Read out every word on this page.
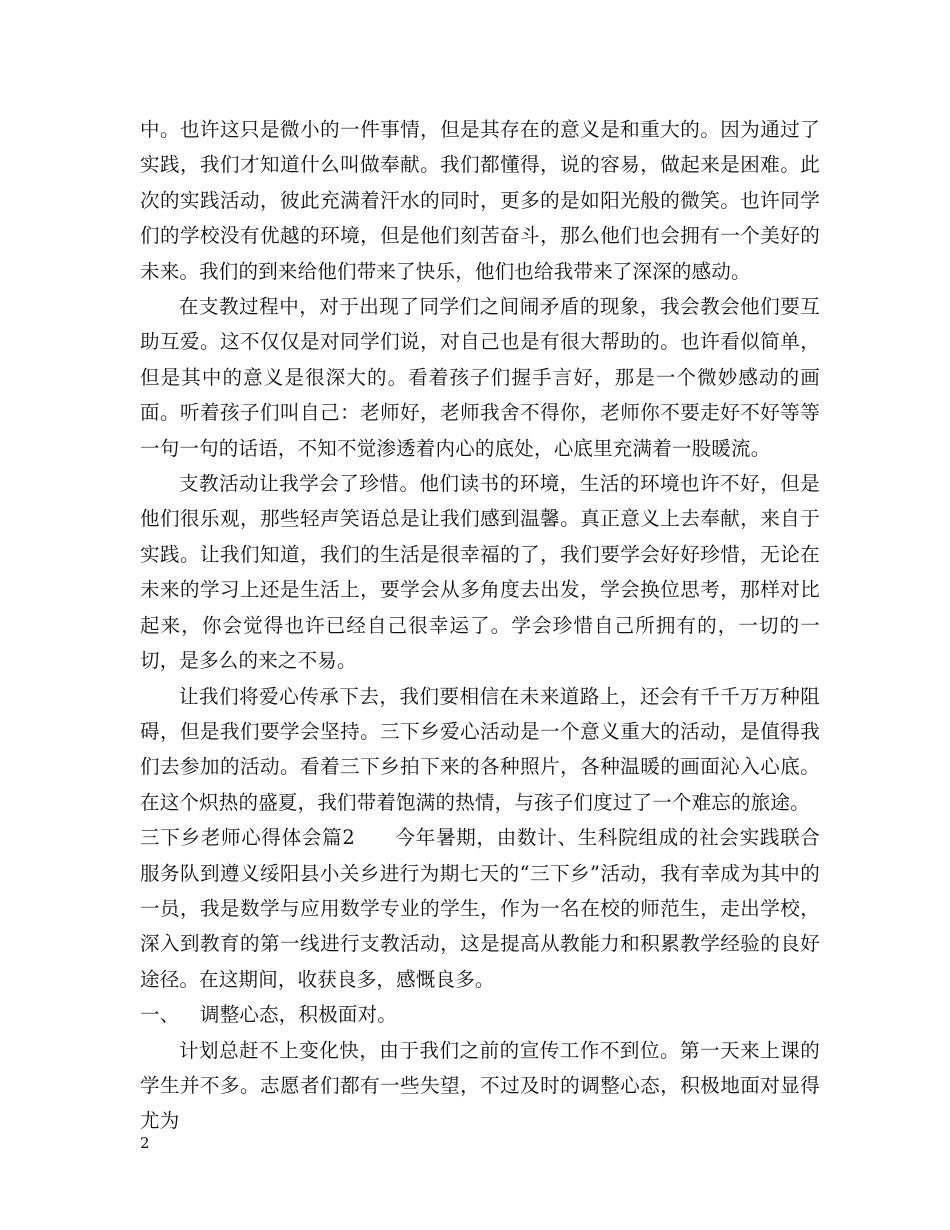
中。也许这只是微小的一件事情，但是其存在的意义是和重大的。因为通过了实践，我们才知道什么叫做奉献。我们都懂得，说的容易，做起来是困难。此次的实践活动，彼此充满着汗水的同时，更多的是如阳光般的微笑。也许同学们的学校没有优越的环境，但是他们刻苦奋斗，那么他们也会拥有一个美好的未来。我们的到来给他们带来了快乐，他们也给我带来了深深的感动。

在支教过程中，对于出现了同学们之间闹矛盾的现象，我会教会他们要互助互爱。这不仅仅是对同学们说，对自己也是有很大帮助的。也许看似简单，但是其中的意义是很深大的。看着孩子们握手言好，那是一个微妙感动的画面。听着孩子们叫自己：老师好，老师我舍不得你，老师你不要走好不好等等一句一句的话语，不知不觉渗透着内心的底处，心底里充满着一股暖流。

支教活动让我学会了珍惜。他们读书的环境，生活的环境也许不好，但是他们很乐观，那些轻声笑语总是让我们感到温馨。真正意义上去奉献，来自于实践。让我们知道，我们的生活是很幸福的了，我们要学会好好珍惜，无论在未来的学习上还是生活上，要学会从多角度去出发，学会换位思考，那样对比起来，你会觉得也许已经自己很幸运了。学会珍惜自己所拥有的，一切的一切，是多么的来之不易。

让我们将爱心传承下去，我们要相信在未来道路上，还会有千千万万种阻碍，但是我们要学会坚持。三下乡爱心活动是一个意义重大的活动，是值得我们去参加的活动。看着三下乡拍下来的各种照片，各种温暖的画面沁入心底。在这个炽热的盛夏，我们带着饱满的热情，与孩子们度过了一个难忘的旅途。

三下乡老师心得体会篇2 今年暑期，由数计、生科院组成的社会实践联合服务队到遵义绥阳县小关乡进行为期七天的“三下乡”活动，我有幸成为其中的一员，我是数学与应用数学专业的学生，作为一名在校的师范生，走出学校，深入到教育的第一线进行支教活动，这是提高从教能力和积累教学经验的良好途径。在这期间，收获良多，感慨良多。

一、 调整心态，积极面对。

计划总赶不上变化快，由于我们之前的宣传工作不到位。第一天来上课的学生并不多。志愿者们都有一些失望，不过及时的调整心态，积极地面对显得尤为

2
